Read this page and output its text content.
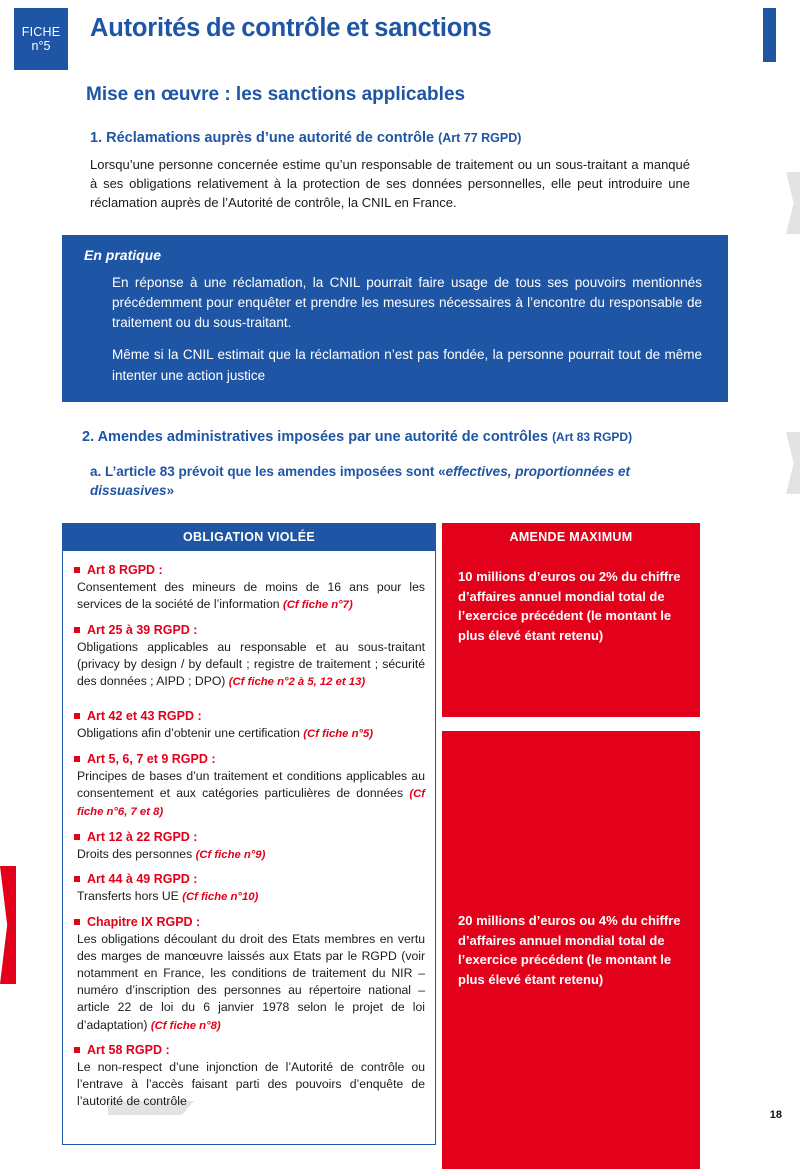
FICHE
n°5
Autorités de contrôle et sanctions
18
Mise en œuvre : les sanctions applicables
1. Réclamations auprès d’une autorité de contrôle (Art 77 RGPD)
Lorsqu’une personne concernée estime qu’un responsable de traitement ou un sous-traitant a manqué à ses obligations relativement à la protection de ses données personnelles, elle peut introduire une réclamation auprès de l’Autorité de contrôle, la CNIL en France.
En pratique
En réponse à une réclamation, la CNIL pourrait faire usage de tous ses pouvoirs mentionnés précédemment pour enquêter et prendre les mesures nécessaires à l’encontre du responsable de traitement ou du sous-traitant.
Même si la CNIL estimait que la réclamation n’est pas fondée, la personne pourrait tout de même intenter une action justice
2. Amendes administratives imposées par une autorité de contrôles (Art 83 RGPD)
a. L’article 83 prévoit que les amendes imposées sont «effectives, proportionnées et dissuasives»
OBLIGATION VIOLÉE
Art 8 RGPD :
Consentement des mineurs de moins de 16 ans pour les services de la société de l’information (Cf fiche n°7)
Art 25 à 39 RGPD :
Obligations applicables au responsable et au sous-traitant (privacy by design / by default ; registre de traitement ; sécurité des données ; AIPD ; DPO) (Cf fiche n°2 à 5, 12 et 13)
Art 42 et 43 RGPD :
Obligations afin d’obtenir une certification (Cf fiche n°5)
Art 5, 6, 7 et 9 RGPD :
Principes de bases d’un traitement et conditions applicables au consentement et aux catégories particulières de données (Cf fiche n°6, 7 et 8)
Art 12 à 22 RGPD :
Droits des personnes (Cf fiche n°9)
Art 44 à 49 RGPD :
Transferts hors UE (Cf fiche n°10)
Chapitre IX RGPD :
Les obligations découlant du droit des Etats membres en vertu des marges de manœuvre laissés aux Etats par le RGPD (voir notamment en France, les conditions de traitement du NIR – numéro d’inscription des personnes au répertoire national – article 22 de loi du 6 janvier 1978 selon le projet de loi d’adaptation) (Cf fiche n°8)
Art 58 RGPD :
Le non-respect d’une injonction de l’Autorité de contrôle ou l’entrave à l’accès faisant parti des pouvoirs d’enquête de l’autorité de contrôle
AMENDE MAXIMUM
10 millions d’euros ou 2% du chiffre d’affaires annuel mondial total de l’exercice précédent (le montant le plus élevé étant retenu)
20 millions d’euros ou 4% du chiffre d’affaires annuel mondial total de l’exercice précédent (le montant le plus élevé étant retenu)
